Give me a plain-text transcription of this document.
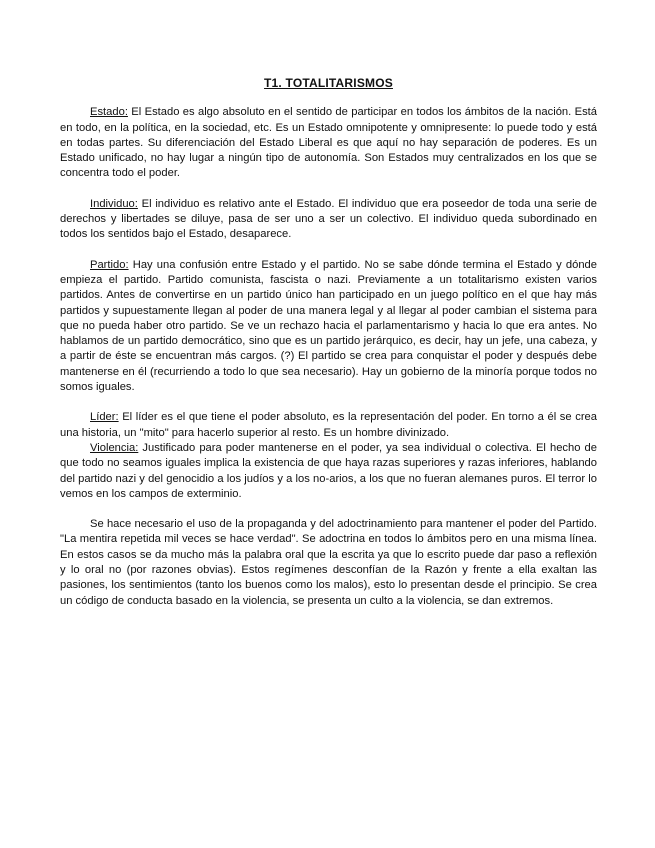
T1. TOTALITARISMOS

Estado: El Estado es algo absoluto en el sentido de participar en todos los ámbitos de la nación. Está en todo, en la política, en la sociedad, etc. Es un Estado omnipotente y omnipresente: lo puede todo y está en todas partes. Su diferenciación del Estado Liberal es que aquí no hay separación de poderes. Es un Estado unificado, no hay lugar a ningún tipo de autonomía. Son Estados muy centralizados en los que se concentra todo el poder.

Individuo: El individuo es relativo ante el Estado. El individuo que era poseedor de toda una serie de derechos y libertades se diluye, pasa de ser uno a ser un colectivo. El individuo queda subordinado en todos los sentidos bajo el Estado, desaparece.

Partido: Hay una confusión entre Estado y el partido. No se sabe dónde termina el Estado y dónde empieza el partido. Partido comunista, fascista o nazi. Previamente a un totalitarismo existen varios partidos. Antes de convertirse en un partido único han participado en un juego político en el que hay más partidos y supuestamente llegan al poder de una manera legal y al llegar al poder cambian el sistema para que no pueda haber otro partido. Se ve un rechazo hacia el parlamentarismo y hacia lo que era antes. No hablamos de un partido democrático, sino que es un partido jerárquico, es decir, hay un jefe, una cabeza, y a partir de éste se encuentran más cargos. (?) El partido se crea para conquistar el poder y después debe mantenerse en él (recurriendo a todo lo que sea necesario). Hay un gobierno de la minoría porque todos no somos iguales.

Líder: El líder es el que tiene el poder absoluto, es la representación del poder. En torno a él se crea una historia, un "mito" para hacerlo superior al resto. Es un hombre divinizado.

Violencia: Justificado para poder mantenerse en el poder, ya sea individual o colectiva. El hecho de que todo no seamos iguales implica la existencia de que haya razas superiores y razas inferiores, hablando del partido nazi y del genocidio a los judíos y a los no-arios, a los que no fueran alemanes puros. El terror lo vemos en los campos de exterminio.

Se hace necesario el uso de la propaganda y del adoctrinamiento para mantener el poder del Partido. "La mentira repetida mil veces se hace verdad". Se adoctrina en todos lo ámbitos pero en una misma línea. En estos casos se da mucho más la palabra oral que la escrita ya que lo escrito puede dar paso a reflexión y lo oral no (por razones obvias). Estos regímenes desconfían de la Razón y frente a ella exaltan las pasiones, los sentimientos (tanto los buenos como los malos), esto lo presentan desde el principio. Se crea un código de conducta basado en la violencia, se presenta un culto a la violencia, se dan extremos.
